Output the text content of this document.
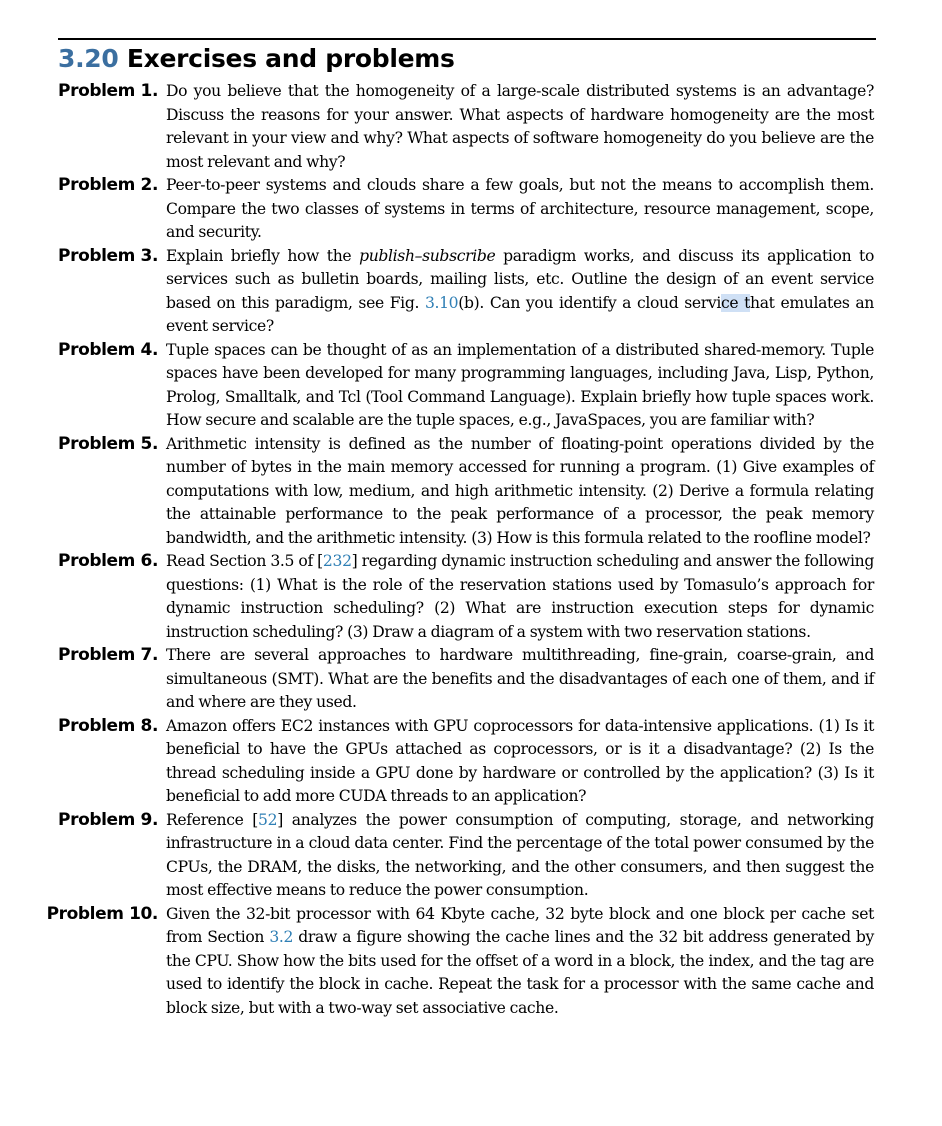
3.20 Exercises and problems
Problem 1. Do you believe that the homogeneity of a large-scale distributed systems is an advantage? Discuss the reasons for your answer. What aspects of hardware homogeneity are the most relevant in your view and why? What aspects of software homogeneity do you believe are the most relevant and why?
Problem 2. Peer-to-peer systems and clouds share a few goals, but not the means to accomplish them. Compare the two classes of systems in terms of architecture, resource management, scope, and security.
Problem 3. Explain briefly how the publish–subscribe paradigm works, and discuss its application to services such as bulletin boards, mailing lists, etc. Outline the design of an event service based on this paradigm, see Fig. 3.10(b). Can you identify a cloud service that emulates an event service?
Problem 4. Tuple spaces can be thought of as an implementation of a distributed shared-memory. Tuple spaces have been developed for many programming languages, including Java, Lisp, Python, Prolog, Smalltalk, and Tcl (Tool Command Language). Explain briefly how tuple spaces work. How secure and scalable are the tuple spaces, e.g., JavaSpaces, you are familiar with?
Problem 5. Arithmetic intensity is defined as the number of floating-point operations divided by the number of bytes in the main memory accessed for running a program. (1) Give examples of computations with low, medium, and high arithmetic intensity. (2) Derive a formula relating the attainable performance to the peak performance of a processor, the peak memory bandwidth, and the arithmetic intensity. (3) How is this formula related to the roofline model?
Problem 6. Read Section 3.5 of [232] regarding dynamic instruction scheduling and answer the following questions: (1) What is the role of the reservation stations used by Tomasulo’s approach for dynamic instruction scheduling? (2) What are instruction execution steps for dynamic instruction scheduling? (3) Draw a diagram of a system with two reservation stations.
Problem 7. There are several approaches to hardware multithreading, fine-grain, coarse-grain, and simultaneous (SMT). What are the benefits and the disadvantages of each one of them, and if and where are they used.
Problem 8. Amazon offers EC2 instances with GPU coprocessors for data-intensive applications. (1) Is it beneficial to have the GPUs attached as coprocessors, or is it a disadvantage? (2) Is the thread scheduling inside a GPU done by hardware or controlled by the application? (3) Is it beneficial to add more CUDA threads to an application?
Problem 9. Reference [52] analyzes the power consumption of computing, storage, and networking infrastructure in a cloud data center. Find the percentage of the total power consumed by the CPUs, the DRAM, the disks, the networking, and the other consumers, and then suggest the most effective means to reduce the power consumption.
Problem 10. Given the 32-bit processor with 64 Kbyte cache, 32 byte block and one block per cache set from Section 3.2 draw a figure showing the cache lines and the 32 bit address generated by the CPU. Show how the bits used for the offset of a word in a block, the index, and the tag are used to identify the block in cache. Repeat the task for a processor with the same cache and block size, but with a two-way set associative cache.
